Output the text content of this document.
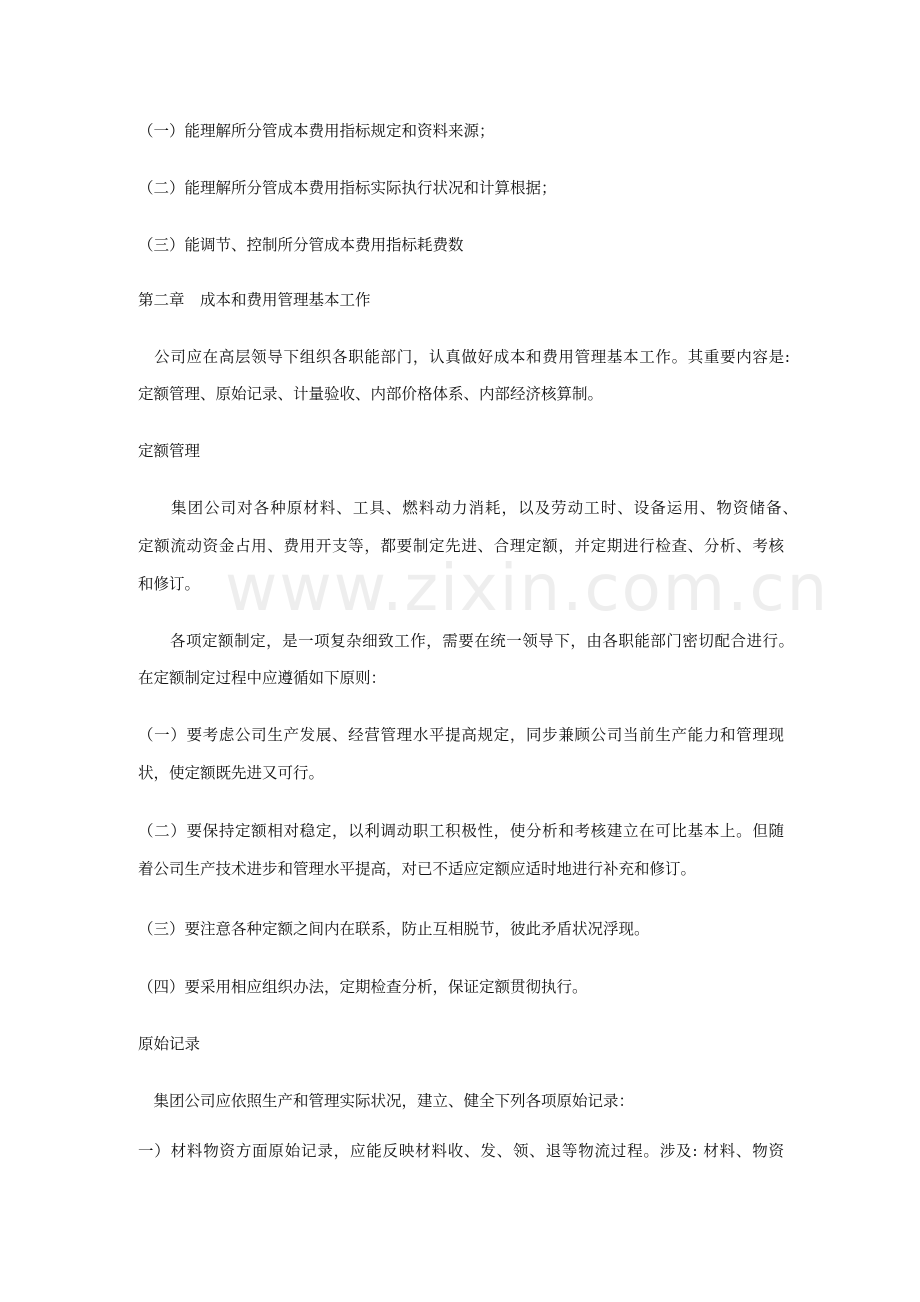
www.zixin.com.cn
（一）能理解所分管成本费用指标规定和资料来源；
（二）能理解所分管成本费用指标实际执行状况和计算根据；
（三）能调节、控制所分管成本费用指标耗费数
第二章　成本和费用管理基本工作
　公司应在高层领导下组织各职能部门，认真做好成本和费用管理基本工作。其重要内容是:
定额管理、原始记录、计量验收、内部价格体系、内部经济核算制。
定额管理
　　集团公司对各种原材料、工具、燃料动力消耗，以及劳动工时、设备运用、物资储备、
定额流动资金占用、费用开支等，都要制定先进、合理定额，并定期进行检查、分析、考核
和修订。
　　各项定额制定，是一项复杂细致工作，需要在统一领导下，由各职能部门密切配合进行。
在定额制定过程中应遵循如下原则：
（一）要考虑公司生产发展、经营管理水平提高规定，同步兼顾公司当前生产能力和管理现
状，使定额既先进又可行。
（二）要保持定额相对稳定，以利调动职工积极性，使分析和考核建立在可比基本上。但随
着公司生产技术进步和管理水平提高，对已不适应定额应适时地进行补充和修订。
（三）要注意各种定额之间内在联系，防止互相脱节，彼此矛盾状况浮现。
（四）要采用相应组织办法，定期检查分析，保证定额贯彻执行。
原始记录
　集团公司应依照生产和管理实际状况，建立、健全下列各项原始记录：
一）材料物资方面原始记录，应能反映材料收、发、领、退等物流过程。涉及: 材料、物资
